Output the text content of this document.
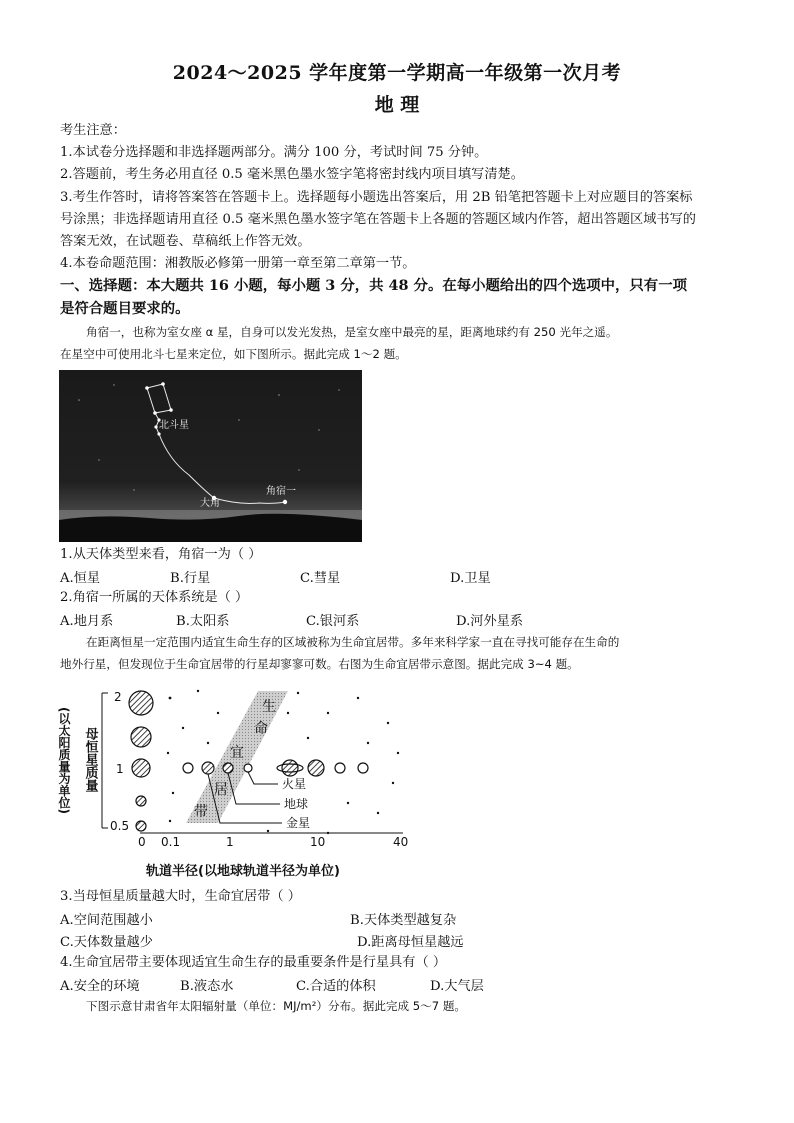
2024～2025 学年度第一学期高一年级第一次月考
地 理
考生注意：
1.本试卷分选择题和非选择题两部分。满分 100 分，考试时间 75 分钟。
2.答题前，考生务必用直径 0.5 毫米黑色墨水签字笔将密封线内项目填写清楚。
3.考生作答时，请将答案答在答题卡上。选择题每小题选出答案后，用 2B 铅笔把答题卡上对应题目的答案标
号涂黑；非选择题请用直径 0.5 毫米黑色墨水签字笔在答题卡上各题的答题区域内作答，超出答题区域书写的
答案无效，在试题卷、草稿纸上作答无效。
4.本卷命题范围：湘教版必修第一册第一章至第二章第一节。
一、选择题：本大题共 16 小题，每小题 3 分，共 48 分。在每小题给出的四个选项中，只有一项
是符合题目要求的。
角宿一，也称为室女座 α 星，自身可以发光发热，是室女座中最亮的星，距离地球约有 250 光年之遥。
在星空中可使用北斗七星来定位，如下图所示。据此完成 1～2 题。
北斗星
大角
角宿一
1.从天体类型来看，角宿一为（ ）
A.恒星	B.行星	C.彗星	D.卫星
2.角宿一所属的天体系统是（ ）
A.地月系	B.太阳系	C.银河系	D.河外星系
在距离恒星一定范围内适宜生命生存的区域被称为生命宜居带。多年来科学家一直在寻找可能存在生命的
地外行星，但发现位于生命宜居带的行星却寥寥可数。右图为生命宜居带示意图。据此完成 3~4 题。
生
命
宜
居
带
(以太阳质量为单位) 母恒星质量
2
1
0.5
火星
地球
金星
0 0.1	1	10	40
轨道半径(以地球轨道半径为单位)
3.当母恒星质量越大时，生命宜居带（ ）
A.空间范围越小	B.天体类型越复杂
C.天体数量越少	D.距离母恒星越远
4.生命宜居带主要体现适宜生命生存的最重要条件是行星具有（ ）
A.安全的环境	B.液态水	C.合适的体积	D.大气层
下图示意甘肃省年太阳辐射量（单位：MJ/m²）分布。据此完成 5～7 题。
